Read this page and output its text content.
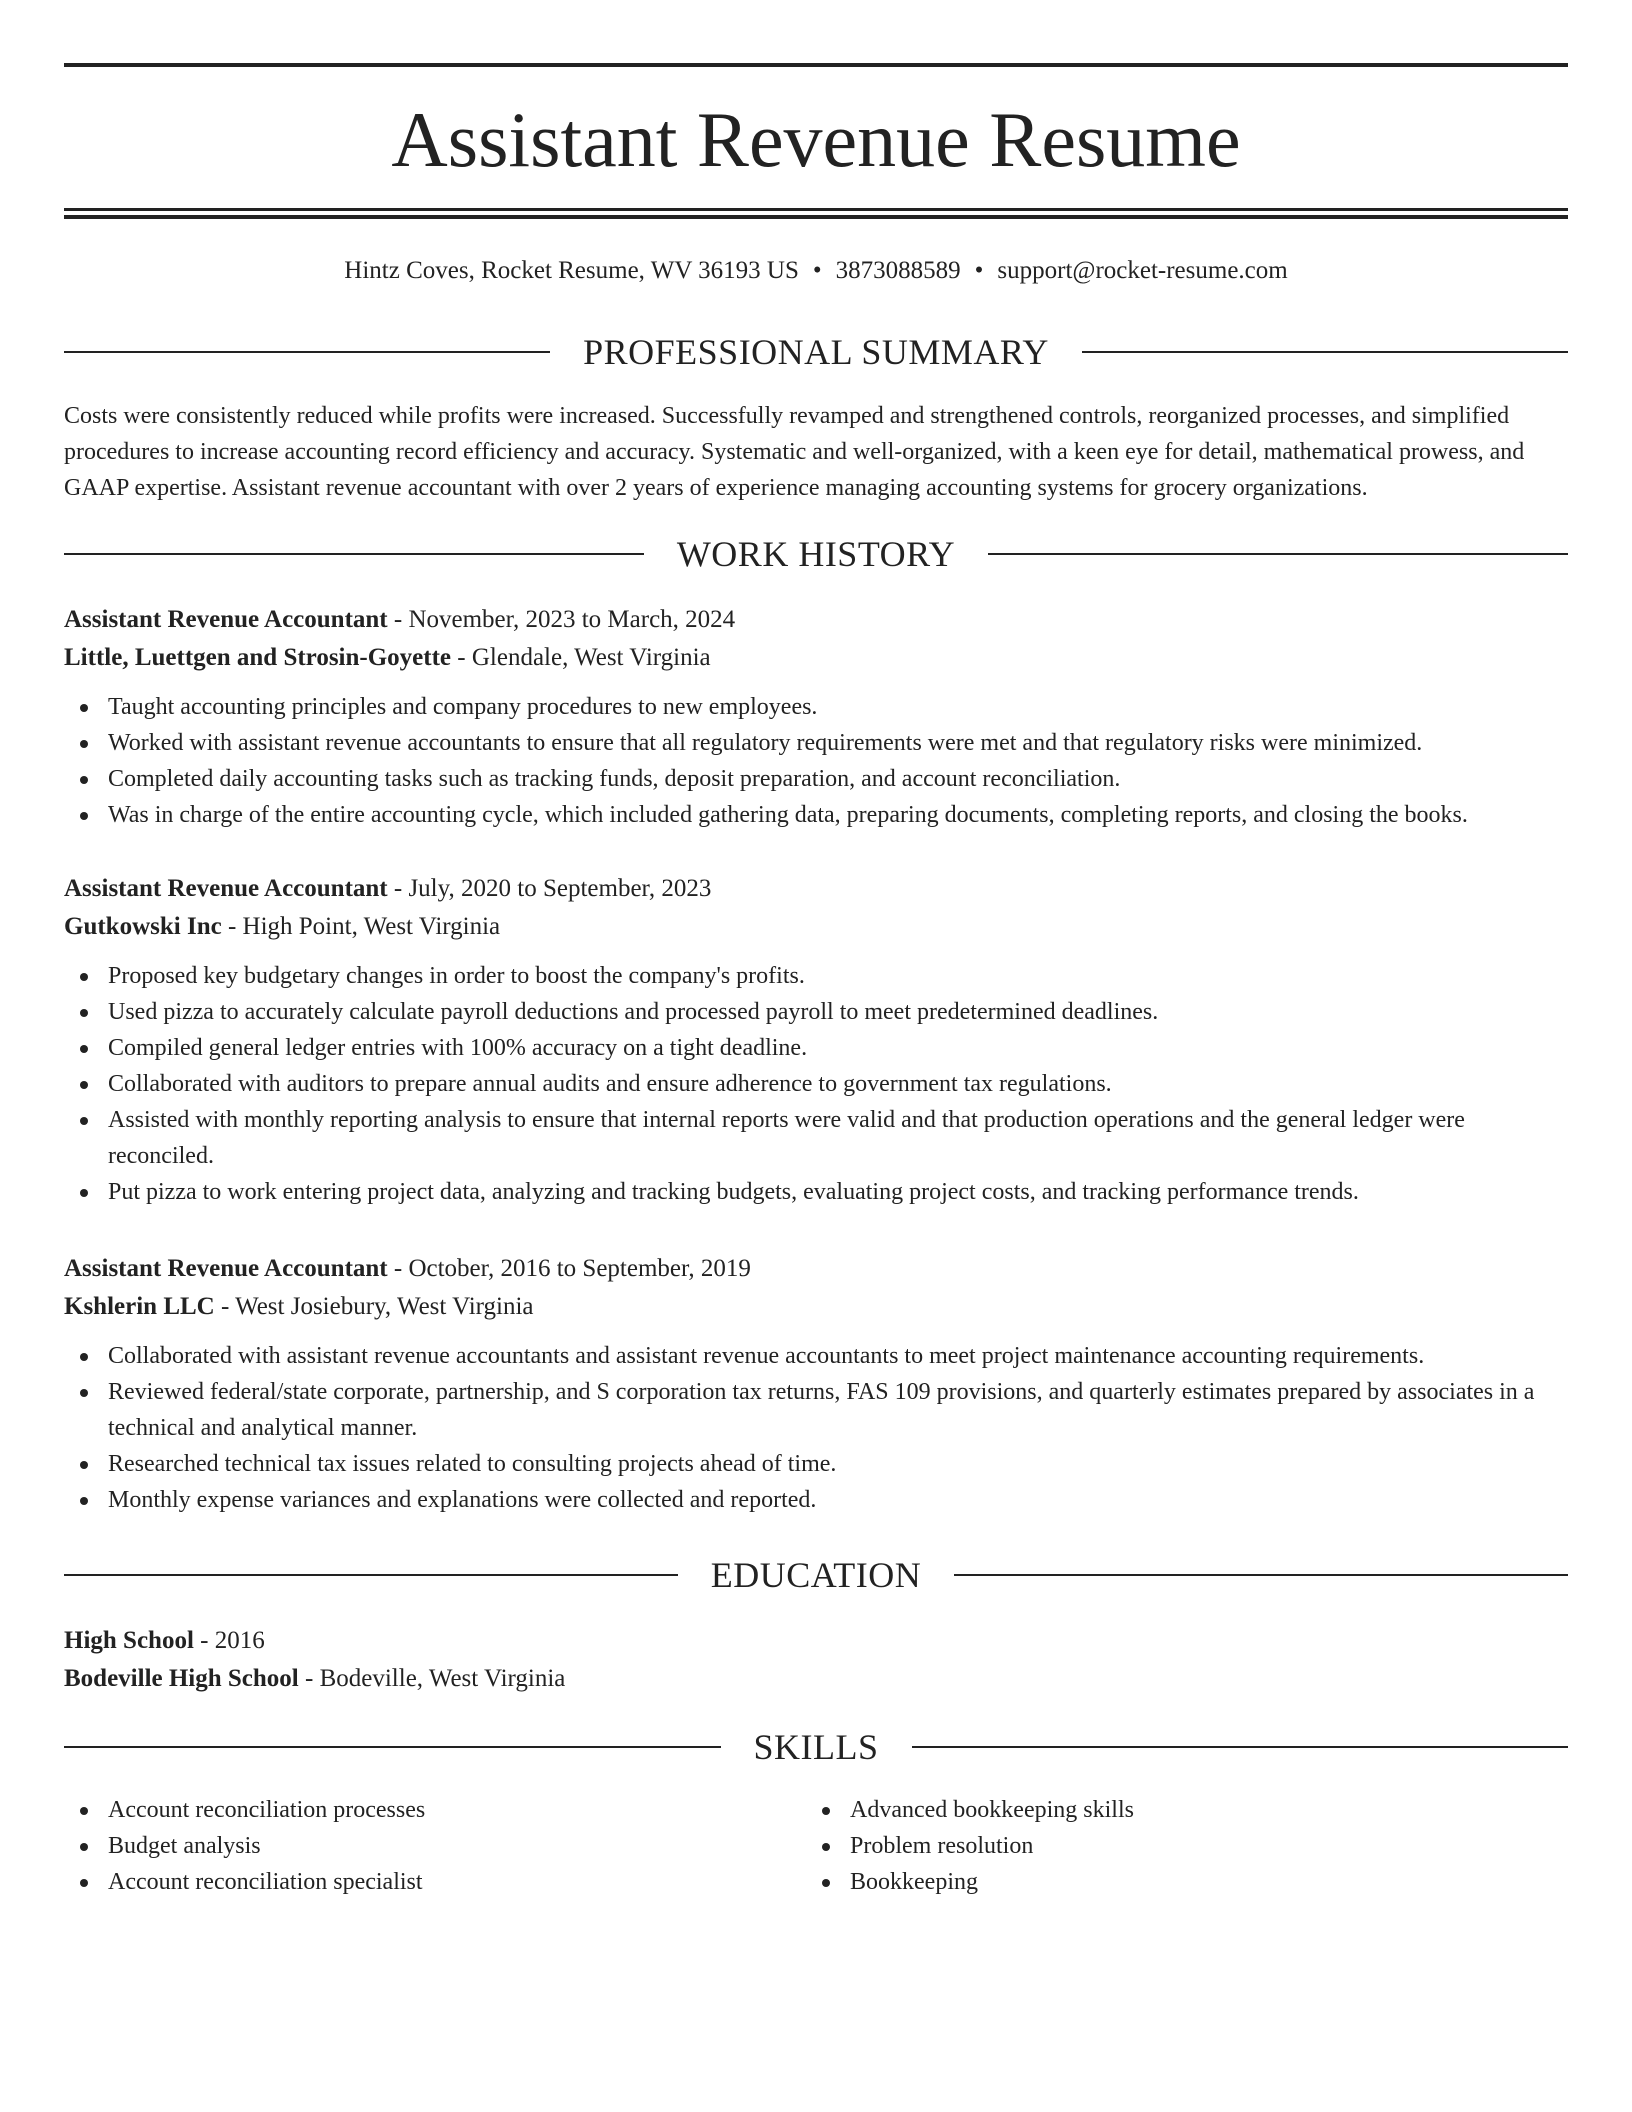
Assistant Revenue Resume
Hintz Coves, Rocket Resume, WV 36193 US • 3873088589 • support@rocket-resume.com
PROFESSIONAL SUMMARY

Costs were consistently reduced while profits were increased. Successfully revamped and strengthened controls, reorganized processes, and simplified procedures to increase accounting record efficiency and accuracy. Systematic and well-organized, with a keen eye for detail, mathematical prowess, and GAAP expertise. Assistant revenue accountant with over 2 years of experience managing accounting systems for grocery organizations.

WORK HISTORY

Assistant Revenue Accountant - November, 2023 to March, 2024

Little, Luettgen and Strosin-Goyette - Glendale, West Virginia

Taught accounting principles and company procedures to new employees.
Worked with assistant revenue accountants to ensure that all regulatory requirements were met and that regulatory risks were minimized.
Completed daily accounting tasks such as tracking funds, deposit preparation, and account reconciliation.
Was in charge of the entire accounting cycle, which included gathering data, preparing documents, completing reports, and closing the books.

Assistant Revenue Accountant - July, 2020 to September, 2023

Gutkowski Inc - High Point, West Virginia

Proposed key budgetary changes in order to boost the company's profits.
Used pizza to accurately calculate payroll deductions and processed payroll to meet predetermined deadlines.
Compiled general ledger entries with 100% accuracy on a tight deadline.
Collaborated with auditors to prepare annual audits and ensure adherence to government tax regulations.
Assisted with monthly reporting analysis to ensure that internal reports were valid and that production operations and the general ledger were reconciled.
Put pizza to work entering project data, analyzing and tracking budgets, evaluating project costs, and tracking performance trends.

Assistant Revenue Accountant - October, 2016 to September, 2019

Kshlerin LLC - West Josiebury, West Virginia

Collaborated with assistant revenue accountants and assistant revenue accountants to meet project maintenance accounting requirements.
Reviewed federal/state corporate, partnership, and S corporation tax returns, FAS 109 provisions, and quarterly estimates prepared by associates in a technical and analytical manner.
Researched technical tax issues related to consulting projects ahead of time.
Monthly expense variances and explanations were collected and reported.
EDUCATION

High School - 2016

Bodeville High School - Bodeville, West Virginia

SKILLS
Account reconciliation processes
Budget analysis
Account reconciliation specialist
Advanced bookkeeping skills
Problem resolution
Bookkeeping
